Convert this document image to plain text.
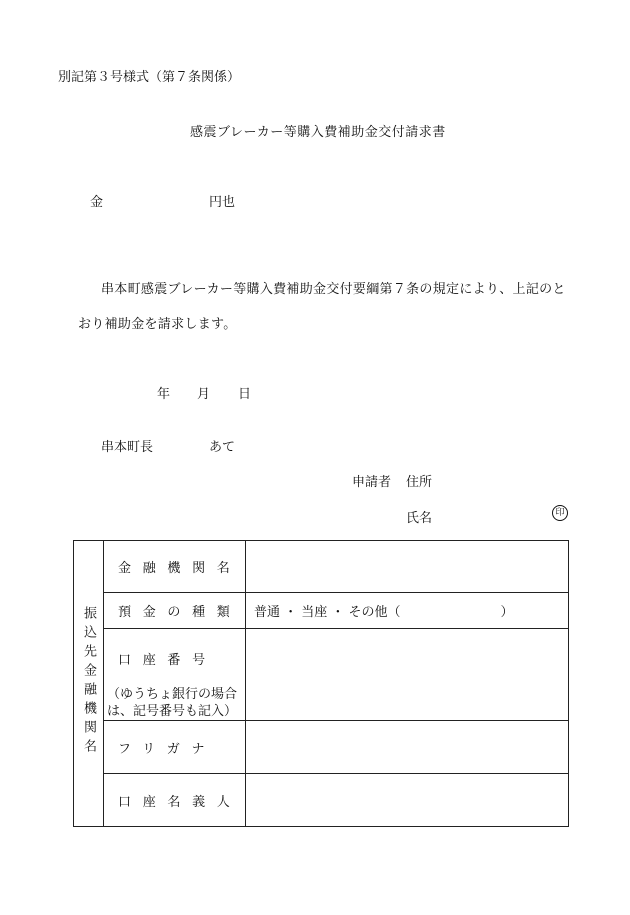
別記第３号様式（第７条関係）
感震ブレーカー等購入費補助金交付請求書
金	円也
串本町感震ブレーカー等購入費補助金交付要綱第７条の規定により、上記のと
おり補助金を請求します。
年 月 日
串本町長	あて
申請者 住所
氏名	印
振込先金融機関名	金融機関名	
	預金の種類	普通 ・ 当座 ・ その他（ ）

	口座番号
（ゆうちょ銀行の場合は、記号番号も記入）	

	フリガナ	
	口座名義人	
